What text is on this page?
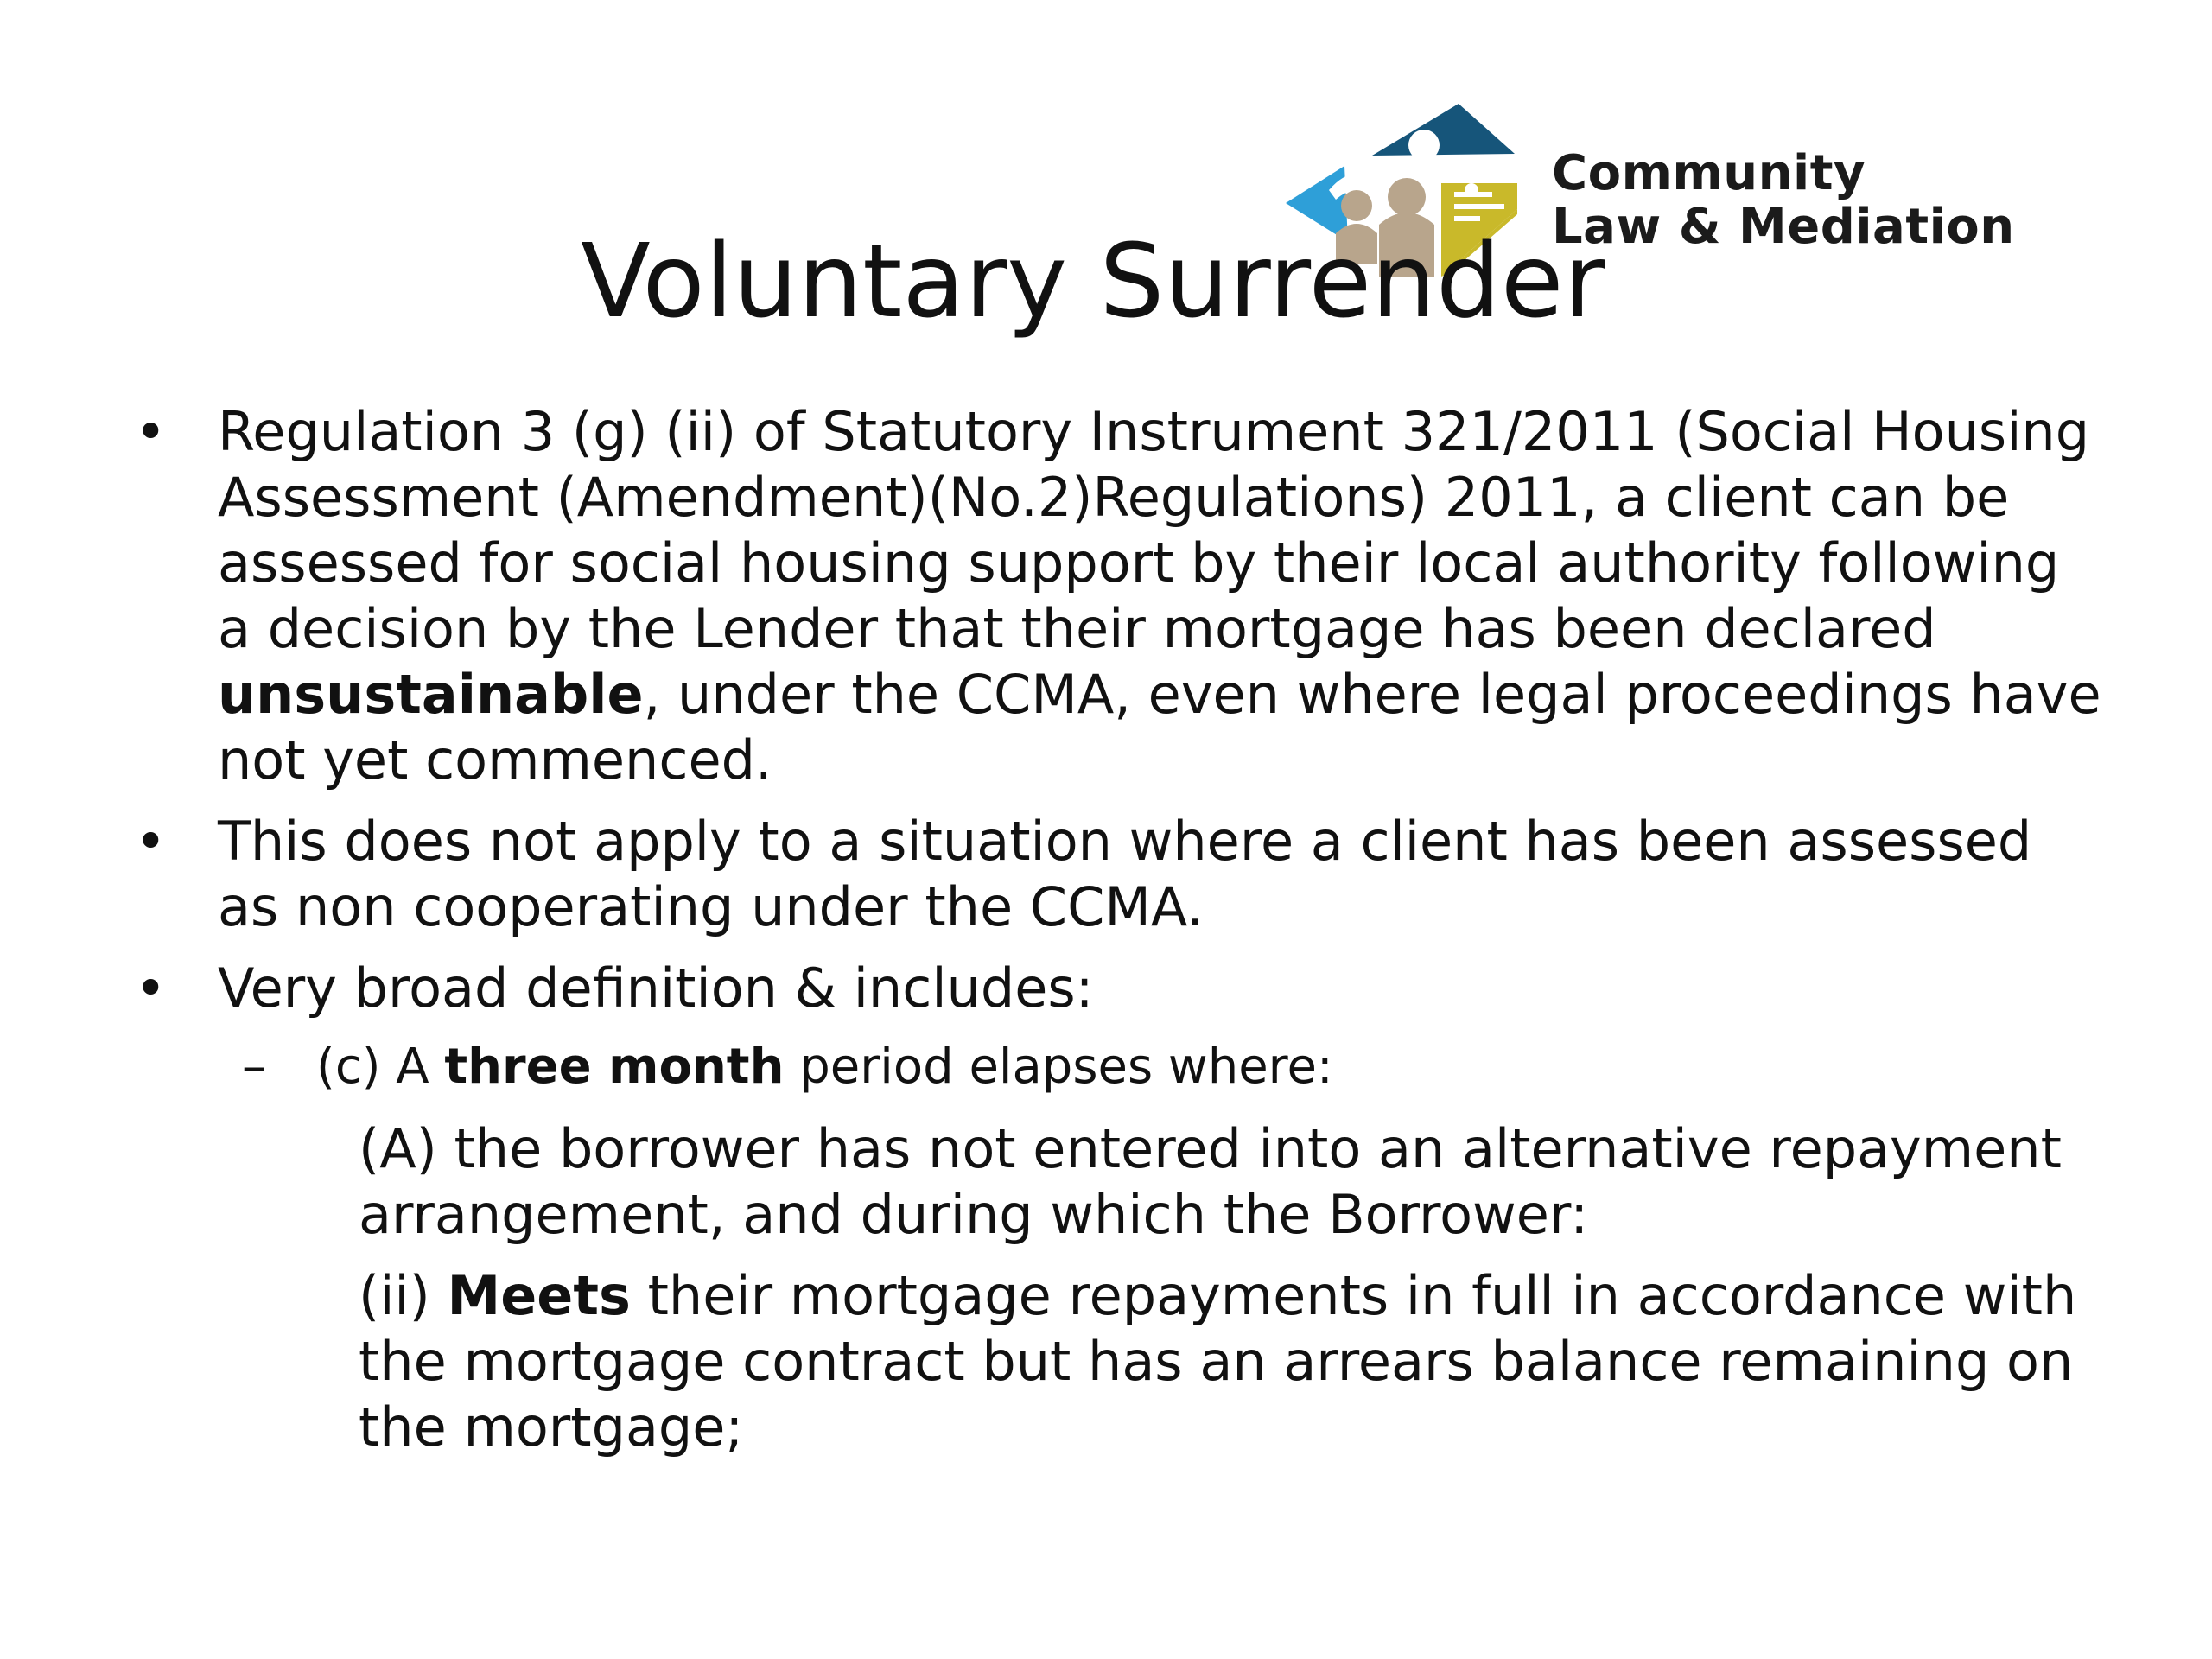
Community
Law & Mediation
Voluntary Surrender
• Regulation 3 (g) (ii) of Statutory Instrument 321/2011 (Social Housing Assessment (Amendment)(No.2)Regulations) 2011, a client can be assessed for social housing support by their local authority following a decision by the Lender that their mortgage has been declared unsustainable, under the CCMA, even where legal proceedings have not yet commenced.
• This does not apply to a situation where a client has been assessed as non cooperating under the CCMA.
• Very broad definition & includes:
– (c) A three month period elapses where:
(A) the borrower has not entered into an alternative repayment arrangement, and during which the Borrower:
(ii) Meets their mortgage repayments in full in accordance with the mortgage contract but has an arrears balance remaining on the mortgage;
